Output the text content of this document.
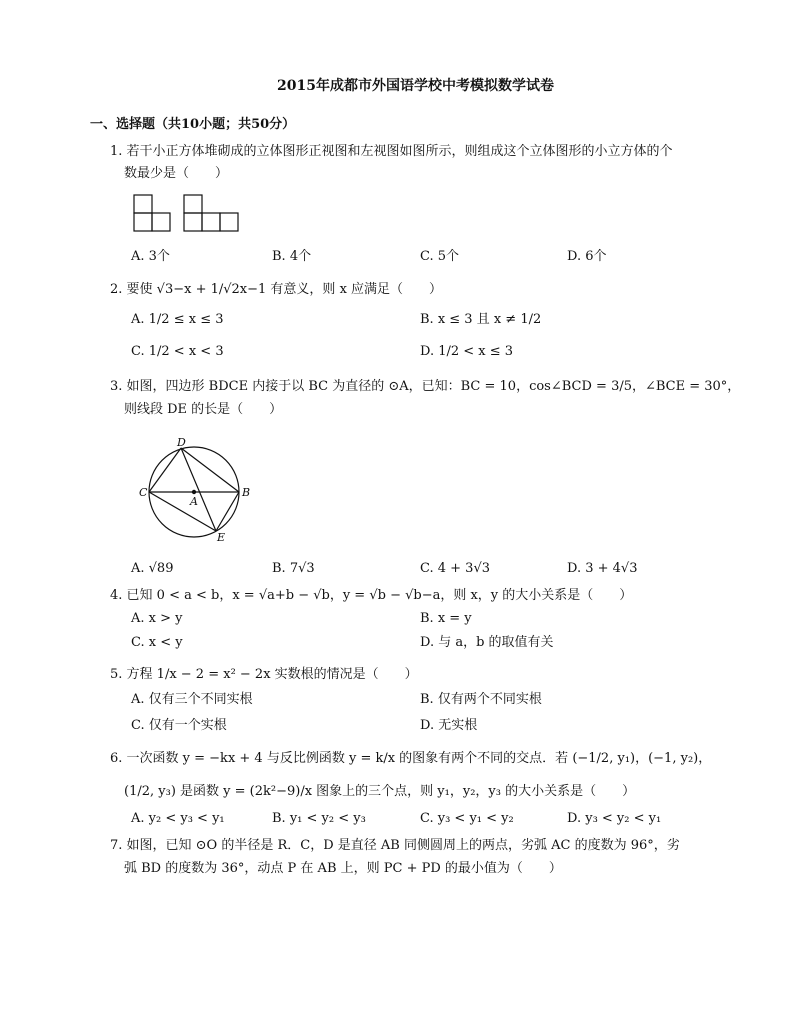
2015年成都市外国语学校中考模拟数学试卷
一、选择题（共10小题；共50分）
1. 若干小正方体堆砌成的立体图形正视图和左视图如图所示，则组成这个立体图形的小立方体的个
数最少是（　　）
A. 3个	B. 4个	C. 5个	D. 6个
2. 要使 √3−x + 1/√2x−1 有意义，则 x 应满足（　　）
A. 1/2 ≤ x ≤ 3	B. x ≤ 3 且 x ≠ 1/2
C. 1/2 < x < 3	D. 1/2 < x ≤ 3
3. 如图，四边形 BDCE 内接于以 BC 为直径的 ⊙A，已知：BC = 10，cos∠BCD = 3/5，∠BCE = 30°，
则线段 DE 的长是（　　）
D
C
A
B
E
A. √89	B. 7√3	C. 4 + 3√3	D. 3 + 4√3
4. 已知 0 < a < b，x = √a+b − √b，y = √b − √b−a，则 x，y 的大小关系是（　　）
A. x > y	B. x = y
C. x < y	D. 与 a，b 的取值有关
5. 方程 1/x − 2 = x² − 2x 实数根的情况是（　　）
A. 仅有三个不同实根	B. 仅有两个不同实根
C. 仅有一个实根	D. 无实根
6. 一次函数 y = −kx + 4 与反比例函数 y = k/x 的图象有两个不同的交点．若 (−1/2, y₁)，(−1, y₂)，
(1/2, y₃) 是函数 y = (2k²−9)/x 图象上的三个点，则 y₁，y₂，y₃ 的大小关系是（　　）
A. y₂ < y₃ < y₁	B. y₁ < y₂ < y₃	C. y₃ < y₁ < y₂	D. y₃ < y₂ < y₁
7. 如图，已知 ⊙O 的半径是 R．C，D 是直径 AB 同侧圆周上的两点，劣弧 AC 的度数为 96°，劣
弧 BD 的度数为 36°，动点 P 在 AB 上，则 PC + PD 的最小值为（　　）
